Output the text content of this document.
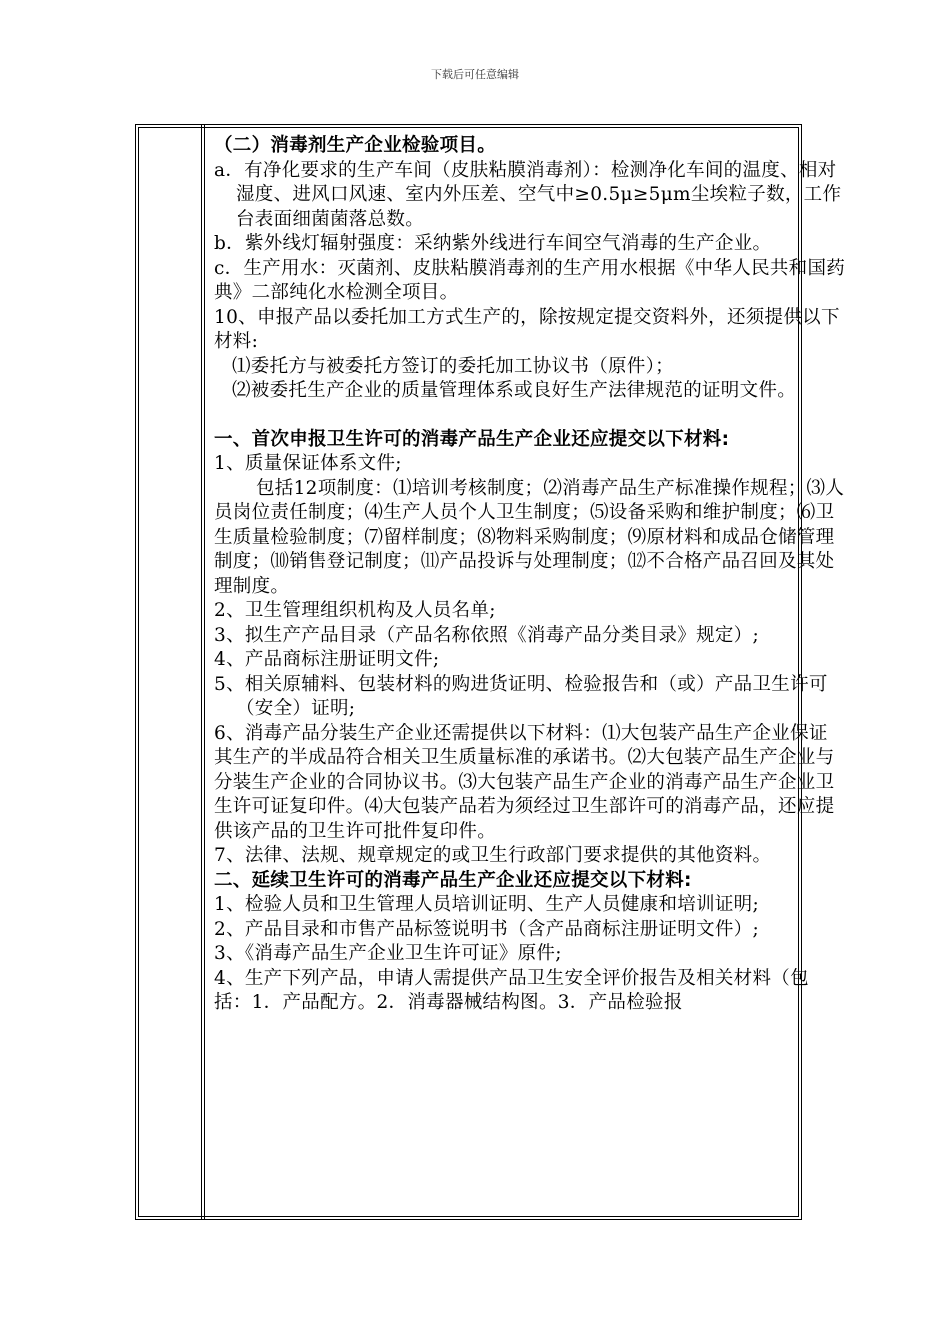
下载后可任意编辑

（二）消毒剂生产企业检验项目。

a．有净化要求的生产车间（皮肤粘膜消毒剂）：检测净化车间的温度、相对湿度、进风口风速、室内外压差、空气中≥0.5μ≥5μm尘埃粒子数，工作台表面细菌菌落总数。

b．紫外线灯辐射强度：采纳紫外线进行车间空气消毒的生产企业。

c．生产用水：灭菌剂、皮肤粘膜消毒剂的生产用水根据《中华人民共和国药典》二部纯化水检测全项目。

10、申报产品以委托加工方式生产的，除按规定提交资料外，还须提供以下材料:

⑴委托方与被委托方签订的委托加工协议书（原件）；

⑵被委托生产企业的质量管理体系或良好生产法律规范的证明文件。

一、首次申报卫生许可的消毒产品生产企业还应提交以下材料:

1、质量保证体系文件;

包括12项制度：⑴培训考核制度；⑵消毒产品生产标准操作规程；⑶人员岗位责任制度；⑷生产人员个人卫生制度；⑸设备采购和维护制度；⑹卫生质量检验制度；⑺留样制度；⑻物料采购制度；⑼原材料和成品仓储管理制度；⑽销售登记制度；⑾产品投诉与处理制度；⑿不合格产品召回及其处理制度。

2、卫生管理组织机构及人员名单;

3、拟生产产品目录（产品名称依照《消毒产品分类目录》规定）;

4、产品商标注册证明文件;

5、相关原辅料、包装材料的购进货证明、检验报告和（或）产品卫生许可（安全）证明;

6、消毒产品分装生产企业还需提供以下材料：⑴大包装产品生产企业保证其生产的半成品符合相关卫生质量标准的承诺书。⑵大包装产品生产企业与分装生产企业的合同协议书。⑶大包装产品生产企业的消毒产品生产企业卫生许可证复印件。⑷大包装产品若为须经过卫生部许可的消毒产品，还应提供该产品的卫生许可批件复印件。

7、法律、法规、规章规定的或卫生行政部门要求提供的其他资料。

二、延续卫生许可的消毒产品生产企业还应提交以下材料:

1、检验人员和卫生管理人员培训证明、生产人员健康和培训证明;

2、产品目录和市售产品标签说明书（含产品商标注册证明文件）;

3、《消毒产品生产企业卫生许可证》原件;

4、生产下列产品，申请人需提供产品卫生安全评价报告及相关材料（包括：1．产品配方。2．消毒器械结构图。3．产品检验报
